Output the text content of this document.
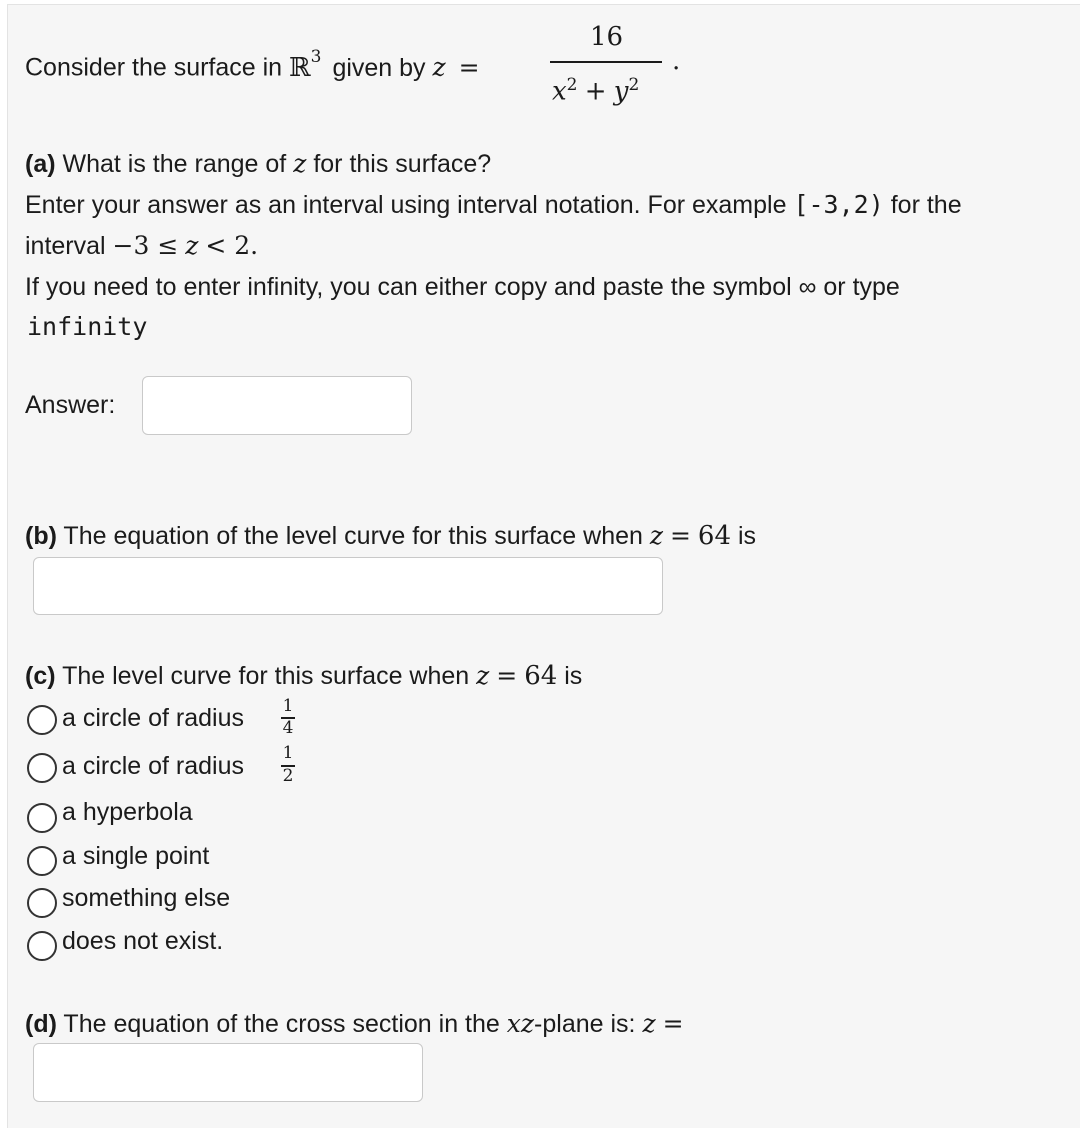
Consider the surface in ℝ$^3$ given by z =
16
$x^2 + y^2$
.
(a) What is the range of z for this surface?
Enter your answer as an interval using interval notation. For example [-3,2) for the
interval −3 ≤ z < 2.
If you need to enter infinity, you can either copy and paste the symbol ∞ or type
infinity
Answer:
(b) The equation of the level curve for this surface when z = 64 is
(c) The level curve for this surface when z = 64 is
a circle of radius 1
4
a circle of radius 1
2
a hyperbola
a single point
something else
does not exist.
(d) The equation of the cross section in the xz-plane is: z =
